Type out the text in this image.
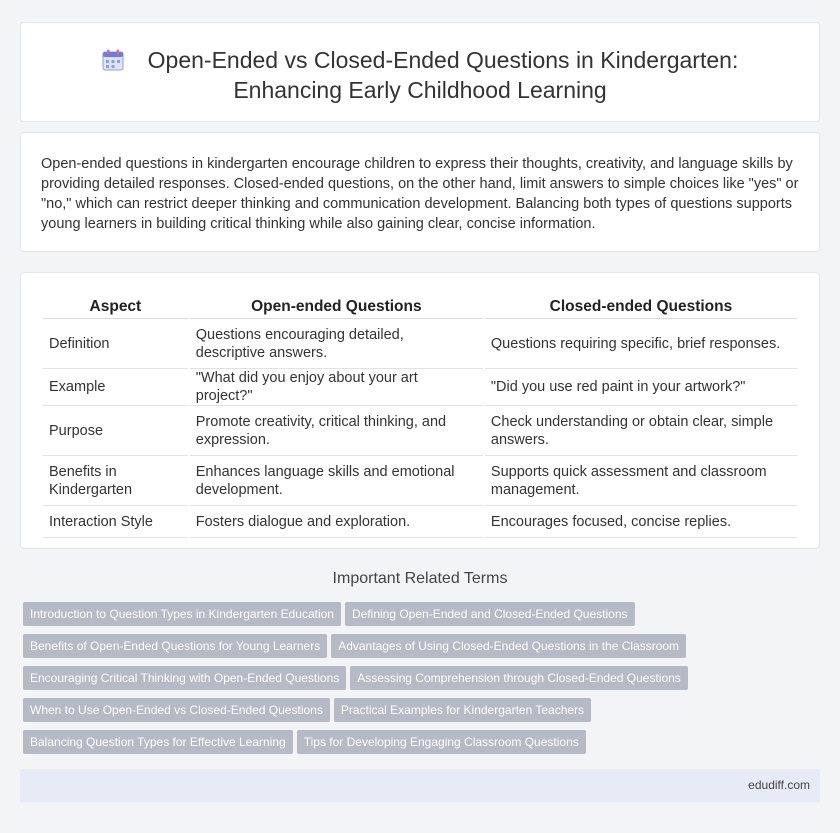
Open-Ended vs Closed-Ended Questions in Kindergarten:
Enhancing Early Childhood Learning

Open-ended questions in kindergarten encourage children to express their thoughts, creativity, and language skills by providing detailed responses. Closed-ended questions, on the other hand, limit answers to simple choices like "yes" or "no," which can restrict deeper thinking and communication development. Balancing both types of questions supports young learners in building critical thinking while also gaining clear, concise information.

Aspect	Open-ended Questions	Closed-ended Questions
Definition	Questions encouraging detailed, descriptive answers.	Questions requiring specific, brief responses.
Example	"What did you enjoy about your art project?"	"Did you use red paint in your artwork?"
Purpose	Promote creativity, critical thinking, and expression.	Check understanding or obtain clear, simple answers.
Benefits in Kindergarten	Enhances language skills and emotional development.	Supports quick assessment and classroom management.
Interaction Style	Fosters dialogue and exploration.	Encourages focused, concise replies.
Important Related Terms
Introduction to Question Types in Kindergarten Education Defining Open-Ended and Closed-Ended Questions
Benefits of Open-Ended Questions for Young Learners Advantages of Using Closed-Ended Questions in the Classroom
Encouraging Critical Thinking with Open-Ended Questions Assessing Comprehension through Closed-Ended Questions
When to Use Open-Ended vs Closed-Ended Questions Practical Examples for Kindergarten Teachers
Balancing Question Types for Effective Learning Tips for Developing Engaging Classroom Questions
edudiff.com
